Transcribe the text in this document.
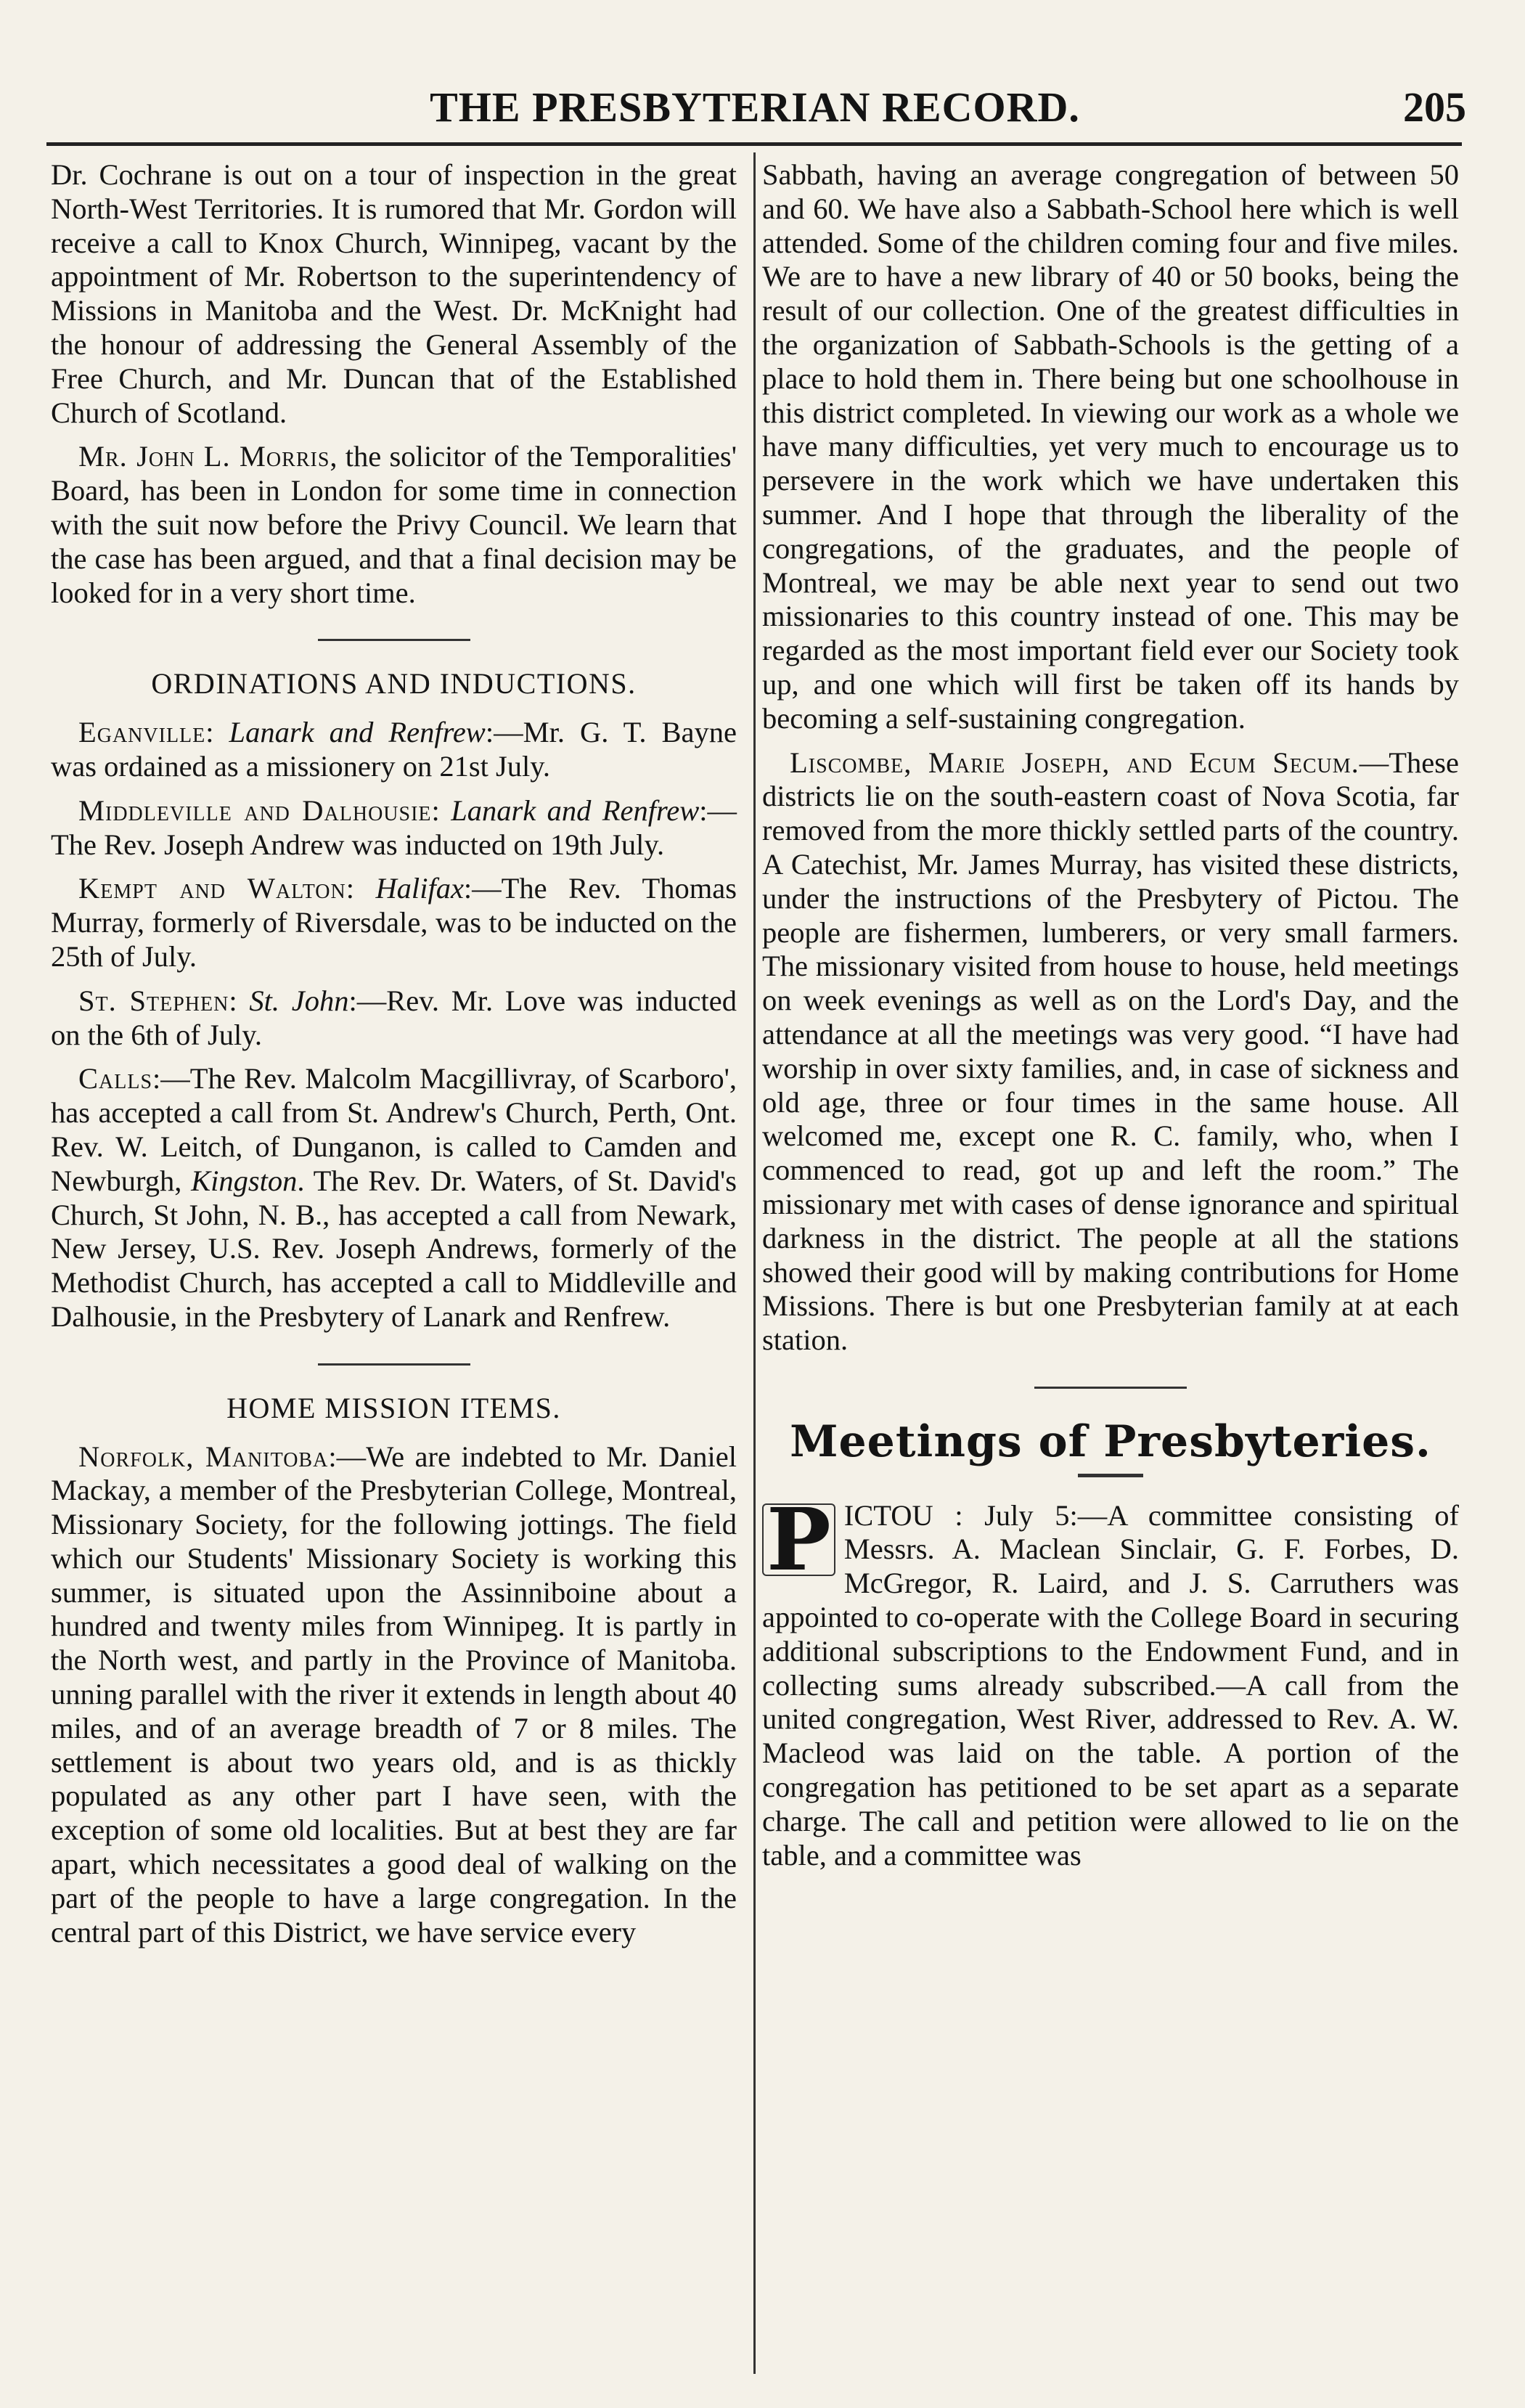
THE PRESBYTERIAN RECORD.	205

Dr. Cochrane is out on a tour of inspection in the great North-West Territories. It is rumored that Mr. Gordon will receive a call to Knox Church, Winnipeg, vacant by the appointment of Mr. Robertson to the superintendency of Missions in Manitoba and the West. Dr. McKnight had the honour of addressing the General Assembly of the Free Church, and Mr. Duncan that of the Established Church of Scotland.

Mr. John L. Morris, the solicitor of the Temporalities' Board, has been in London for some time in connection with the suit now before the Privy Council. We learn that the case has been argued, and that a final decision may be looked for in a very short time.

ORDINATIONS AND INDUCTIONS.

Eganville: Lanark and Renfrew:—Mr. G. T. Bayne was ordained as a missionery on 21st July.

Middleville and Dalhousie: Lanark and Renfrew:—The Rev. Joseph Andrew was inducted on 19th July.

Kempt and Walton: Halifax:—The Rev. Thomas Murray, formerly of Riversdale, was to be inducted on the 25th of July.

St. Stephen: St. John:—Rev. Mr. Love was inducted on the 6th of July.

Calls:—The Rev. Malcolm Macgillivray, of Scarboro', has accepted a call from St. Andrew's Church, Perth, Ont. Rev. W. Leitch, of Dunganon, is called to Camden and Newburgh, Kingston. The Rev. Dr. Waters, of St. David's Church, St John, N. B., has accepted a call from Newark, New Jersey, U.S. Rev. Joseph Andrews, formerly of the Methodist Church, has accepted a call to Middleville and Dalhousie, in the Presbytery of Lanark and Renfrew.

HOME MISSION ITEMS.

Norfolk, Manitoba:—We are indebted to Mr. Daniel Mackay, a member of the Presbyterian College, Montreal, Missionary Society, for the following jottings. The field which our Students' Missionary Society is working this summer, is situated upon the Assinniboine about a hundred and twenty miles from Winnipeg. It is partly in the North west, and partly in the Province of Manitoba. unning parallel with the river it extends in length about 40 miles, and of an average breadth of 7 or 8 miles. The settlement is about two years old, and is as thickly populated as any other part I have seen, with the exception of some old localities. But at best they are far apart, which necessitates a good deal of walking on the part of the people to have a large congregation. In the central part of this District, we have service every

Sabbath, having an average congregation of between 50 and 60. We have also a Sabbath-School here which is well attended. Some of the children coming four and five miles. We are to have a new library of 40 or 50 books, being the result of our collection. One of the greatest difficulties in the organization of Sabbath-Schools is the getting of a place to hold them in. There being but one schoolhouse in this district completed. In viewing our work as a whole we have many difficulties, yet very much to encourage us to persevere in the work which we have undertaken this summer. And I hope that through the liberality of the congregations, of the graduates, and the people of Montreal, we may be able next year to send out two missionaries to this country instead of one. This may be regarded as the most important field ever our Society took up, and one which will first be taken off its hands by becoming a self-sustaining congregation.

Liscombe, Marie Joseph, and Ecum Secum.—These districts lie on the south-eastern coast of Nova Scotia, far removed from the more thickly settled parts of the country. A Catechist, Mr. James Murray, has visited these districts, under the instructions of the Presbytery of Pictou. The people are fishermen, lumberers, or very small farmers. The missionary visited from house to house, held meetings on week evenings as well as on the Lord's Day, and the attendance at all the meetings was very good. “I have had worship in over sixty families, and, in case of sickness and old age, three or four times in the same house. All welcomed me, except one R. C. family, who, when I commenced to read, got up and left the room.” The missionary met with cases of dense ignorance and spiritual darkness in the district. The people at all the stations showed their good will by making contributions for Home Missions. There is but one Presbyterian family at at each station.

Meetings of Presbyteries.

P ICTOU : July 5:—A committee consisting of Messrs. A. Maclean Sinclair, G. F. Forbes, D. McGregor, R. Laird, and J. S. Carruthers was appointed to co-operate with the College Board in securing additional subscriptions to the Endowment Fund, and in collecting sums already subscribed.—A call from the united congregation, West River, addressed to Rev. A. W. Macleod was laid on the table. A portion of the congregation has petitioned to be set apart as a separate charge. The call and petition were allowed to lie on the table, and a committee was
